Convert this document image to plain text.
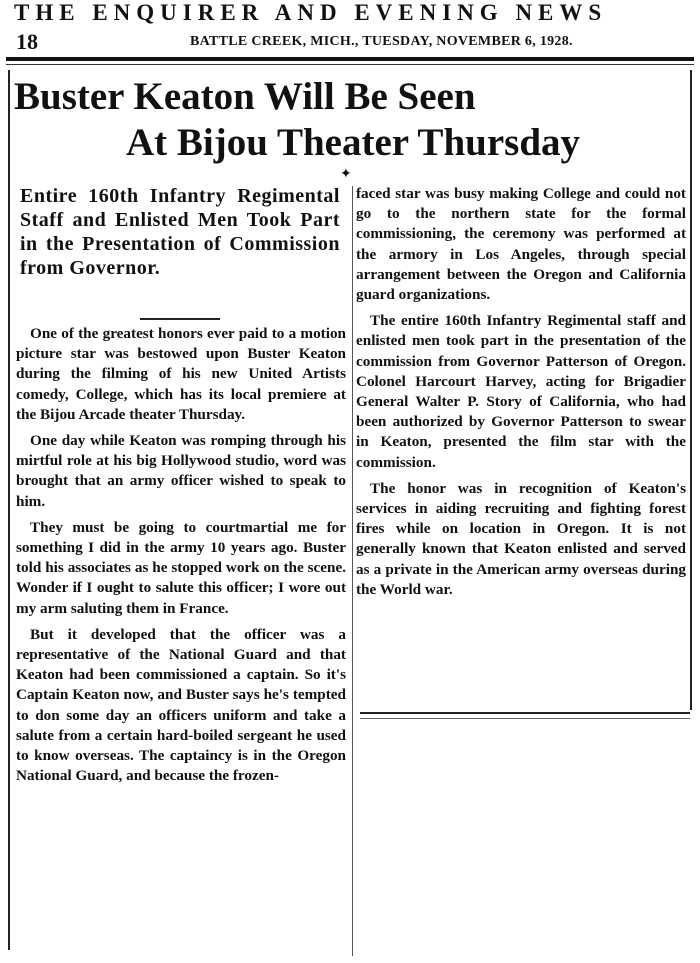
THE ENQUIRER AND EVENING NEWS
18	BATTLE CREEK, MICH., TUESDAY, NOVEMBER 6, 1928.
Buster Keaton Will Be Seen
At Bijou Theater Thursday
✦
Entire 160th Infantry Regimental Staff and Enlisted Men Took Part in the Presentation of Commission from Governor.

One of the greatest honors ever paid to a motion picture star was bestowed upon Buster Keaton during the filming of his new United Artists comedy, College, which has its local premiere at the Bijou Arcade theater Thursday.

One day while Keaton was romping through his mirtful role at his big Hollywood studio, word was brought that an army officer wished to speak to him.

They must be going to courtmartial me for something I did in the army 10 years ago. Buster told his associates as he stopped work on the scene. Wonder if I ought to salute this officer; I wore out my arm saluting them in France.

But it developed that the officer was a representative of the National Guard and that Keaton had been commissioned a captain. So it's Captain Keaton now, and Buster says he's tempted to don some day an officers uniform and take a salute from a certain hard-boiled sergeant he used to know overseas. The captaincy is in the Oregon National Guard, and because the frozen-

faced star was busy making College and could not go to the northern state for the formal commissioning, the ceremony was performed at the armory in Los Angeles, through special arrangement between the Oregon and California guard organizations.

The entire 160th Infantry Regimental staff and enlisted men took part in the presentation of the commission from Governor Patterson of Oregon. Colonel Harcourt Harvey, acting for Brigadier General Walter P. Story of California, who had been authorized by Governor Patterson to swear in Keaton, presented the film star with the commission.

The honor was in recognition of Keaton's services in aiding recruiting and fighting forest fires while on location in Oregon. It is not generally known that Keaton enlisted and served as a private in the American army overseas during the World war.
